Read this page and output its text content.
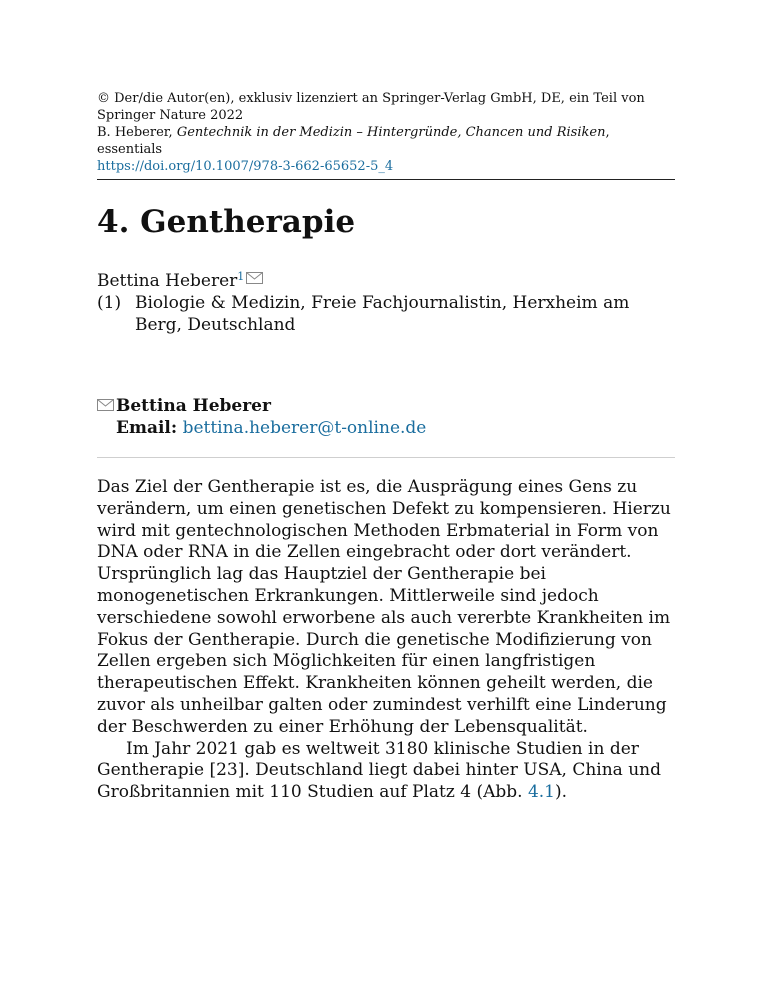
© Der/die Autor(en), exklusiv lizenziert an Springer-Verlag GmbH, DE, ein Teil von Springer Nature 2022
B. Heberer, Gentechnik in der Medizin – Hintergründe, Chancen und Risiken, essentials
https://doi.org/10.1007/978-3-662-65652-5_4
4. Gentherapie
Bettina Heberer$^1$
(1) Biologie & Medizin, Freie Fachjournalistin, Herxheim am Berg, Deutschland
Bettina Heberer
Email: bettina.heberer@t-online.de

Das Ziel der Gentherapie ist es, die Ausprägung eines Gens zu verändern, um einen genetischen Defekt zu kompensieren. Hierzu wird mit gentechnologischen Methoden Erbmaterial in Form von DNA oder RNA in die Zellen eingebracht oder dort verändert. Ursprünglich lag das Hauptziel der Gentherapie bei monogenetischen Erkrankungen. Mittlerweile sind jedoch verschiedene sowohl erworbene als auch vererbte Krankheiten im Fokus der Gentherapie. Durch die genetische Modifizierung von Zellen ergeben sich Möglichkeiten für einen langfristigen therapeutischen Effekt. Krankheiten können geheilt werden, die zuvor als unheilbar galten oder zumindest verhilft eine Linderung der Beschwerden zu einer Erhöhung der Lebensqualität.

Im Jahr 2021 gab es weltweit 3180 klinische Studien in der Gentherapie [23]. Deutschland liegt dabei hinter USA, China und Großbritannien mit 110 Studien auf Platz 4 (Abb. 4.1).
